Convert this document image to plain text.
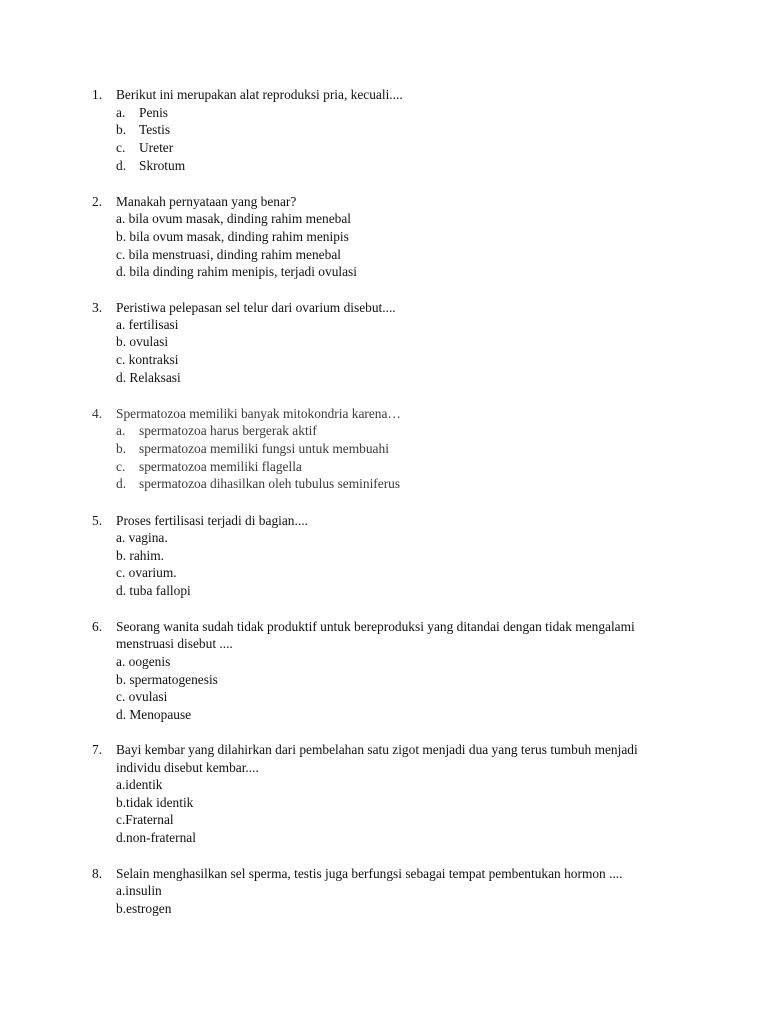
1. Berikut ini merupakan alat reproduksi pria, kecuali....
a. Penis
b. Testis
c. Ureter
d. Skrotum
2. Manakah pernyataan yang benar?
a. bila ovum masak, dinding rahim menebal
b. bila ovum masak, dinding rahim menipis
c. bila menstruasi, dinding rahim menebal
d. bila dinding rahim menipis, terjadi ovulasi
3. Peristiwa pelepasan sel telur dari ovarium disebut....
a. fertilisasi
b. ovulasi
c. kontraksi
d. Relaksasi
4. Spermatozoa memiliki banyak mitokondria karena…
a. spermatozoa harus bergerak aktif
b. spermatozoa memiliki fungsi untuk membuahi
c. spermatozoa memiliki flagella
d. spermatozoa dihasilkan oleh tubulus seminiferus
5. Proses fertilisasi terjadi di bagian....
a. vagina.
b. rahim.
c. ovarium.
d. tuba fallopi
6. Seorang wanita sudah tidak produktif untuk bereproduksi yang ditandai dengan tidak mengalami
menstruasi disebut ....
a. oogenis
b. spermatogenesis
c. ovulasi
d. Menopause
7. Bayi kembar yang dilahirkan dari pembelahan satu zigot menjadi dua yang terus tumbuh menjadi
individu disebut kembar....
a.identik
b.tidak identik
c.Fraternal
d.non-fraternal
8. Selain menghasilkan sel sperma, testis juga berfungsi sebagai tempat pembentukan hormon ....
a.insulin
b.estrogen
